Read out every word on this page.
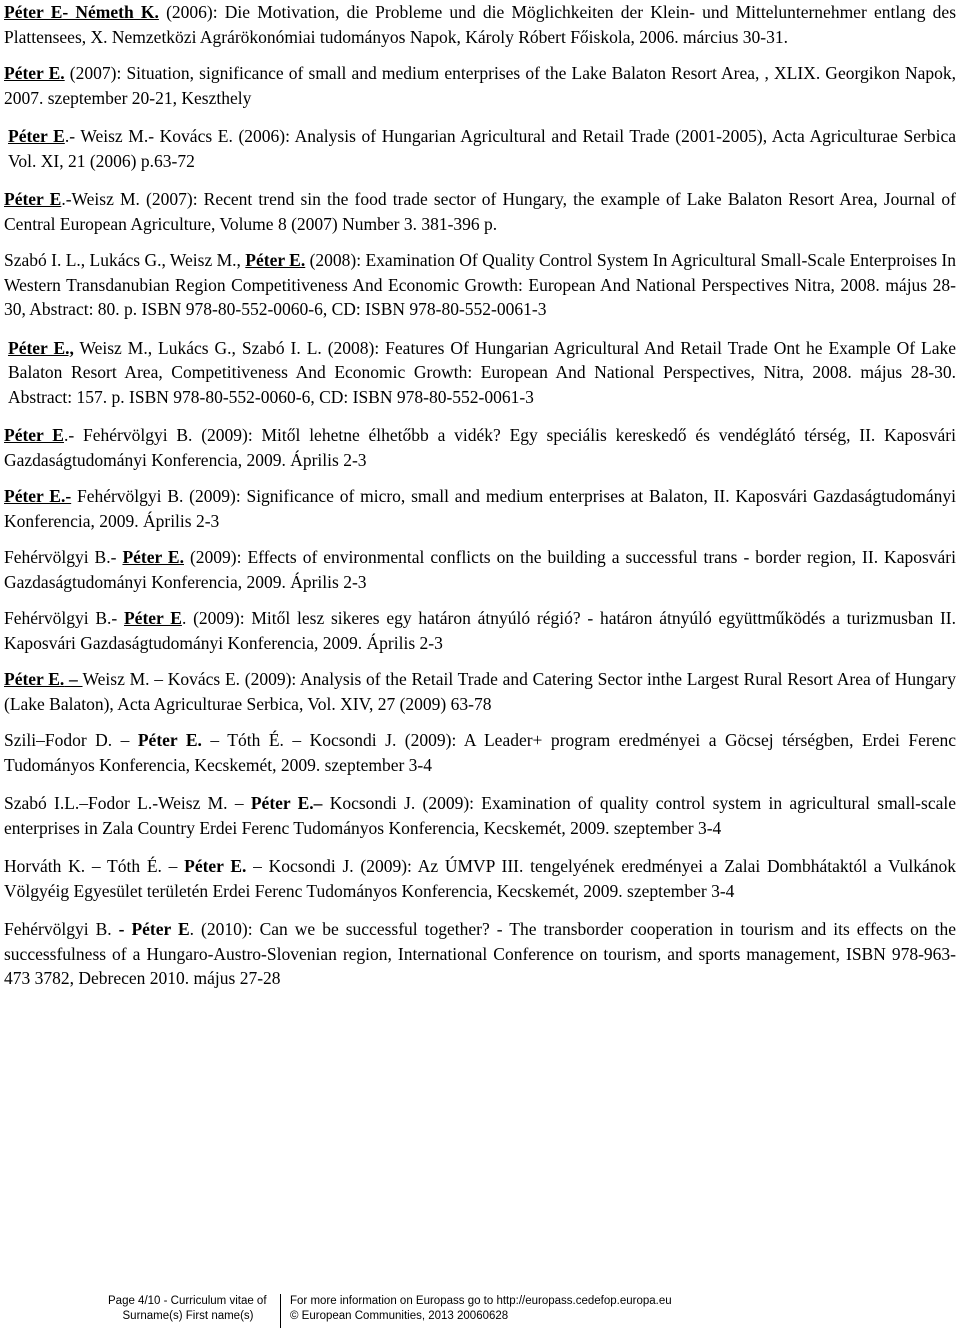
Péter E- Németh K. (2006): Die Motivation, die Probleme und die Möglichkeiten der Klein- und Mittelunternehmer entlang des Plattensees, X. Nemzetközi Agrárökonómiai tudományos Napok, Károly Róbert Főiskola, 2006. március 30-31.

Péter E. (2007): Situation, significance of small and medium enterprises of the Lake Balaton Resort Area, , XLIX. Georgikon Napok, 2007. szeptember 20-21, Keszthely

Péter E.- Weisz M.- Kovács E. (2006): Analysis of Hungarian Agricultural and Retail Trade (2001-2005), Acta Agriculturae Serbica Vol. XI, 21 (2006) p.63-72

Péter E.-Weisz M. (2007): Recent trend sin the food trade sector of Hungary, the example of Lake Balaton Resort Area, Journal of Central European Agriculture, Volume 8 (2007) Number 3. 381-396 p.

Szabó I. L., Lukács G., Weisz M., Péter E. (2008): Examination Of Quality Control System In Agricultural Small-Scale Enterproises In Western Transdanubian Region Competitiveness And Economic Growth: European And National Perspectives Nitra, 2008. május 28-30, Abstract: 80. p. ISBN 978-80-552-0060-6, CD: ISBN 978-80-552-0061-3

Péter E., Weisz M., Lukács G., Szabó I. L. (2008): Features Of Hungarian Agricultural And Retail Trade Ont he Example Of Lake Balaton Resort Area, Competitiveness And Economic Growth: European And National Perspectives, Nitra, 2008. május 28-30. Abstract: 157. p. ISBN 978-80-552-0060-6, CD: ISBN 978-80-552-0061-3

Péter E.- Fehérvölgyi B. (2009): Mitől lehetne élhetőbb a vidék? Egy speciális kereskedő és vendéglátó térség, II. Kaposvári Gazdaságtudományi Konferencia, 2009. Április 2-3

Péter E.- Fehérvölgyi B. (2009): Significance of micro, small and medium enterprises at Balaton, II. Kaposvári Gazdaságtudományi Konferencia, 2009. Április 2-3

Fehérvölgyi B.- Péter E. (2009): Effects of environmental conflicts on the building a successful trans - border region, II. Kaposvári Gazdaságtudományi Konferencia, 2009. Április 2-3

Fehérvölgyi B.- Péter E. (2009): Mitől lesz sikeres egy határon átnyúló régió? - határon átnyúló együttműködés a turizmusban II. Kaposvári Gazdaságtudományi Konferencia, 2009. Április 2-3

Péter E. – Weisz M. – Kovács E. (2009): Analysis of the Retail Trade and Catering Sector inthe Largest Rural Resort Area of Hungary (Lake Balaton), Acta Agriculturae Serbica, Vol. XIV, 27 (2009) 63-78

Szili–Fodor D. – Péter E. – Tóth É. – Kocsondi J. (2009): A Leader+ program eredményei a Göcsej térségben, Erdei Ferenc Tudományos Konferencia, Kecskemét, 2009. szeptember 3-4

Szabó I.L.–Fodor L.-Weisz M. – Péter E.– Kocsondi J. (2009): Examination of quality control system in agricultural small-scale enterprises in Zala Country Erdei Ferenc Tudományos Konferencia, Kecskemét, 2009. szeptember 3-4

Horváth K. – Tóth É. – Péter E. – Kocsondi J. (2009): Az ÚMVP III. tengelyének eredményei a Zalai Dombhátaktól a Vulkánok Völgyéig Egyesület területén Erdei Ferenc Tudományos Konferencia, Kecskemét, 2009. szeptember 3-4

Fehérvölgyi B. - Péter E. (2010): Can we be successful together? - The transborder cooperation in tourism and its effects on the successfulness of a Hungaro-Austro-Slovenian region, International Conference on tourism, and sports management, ISBN 978-963-473 3782, Debrecen 2010. május 27-28

Page 4/10 - Curriculum vitae of
Surname(s) First name(s)
For more information on Europass go to http://europass.cedefop.europa.eu
© European Communities, 2013 20060628
